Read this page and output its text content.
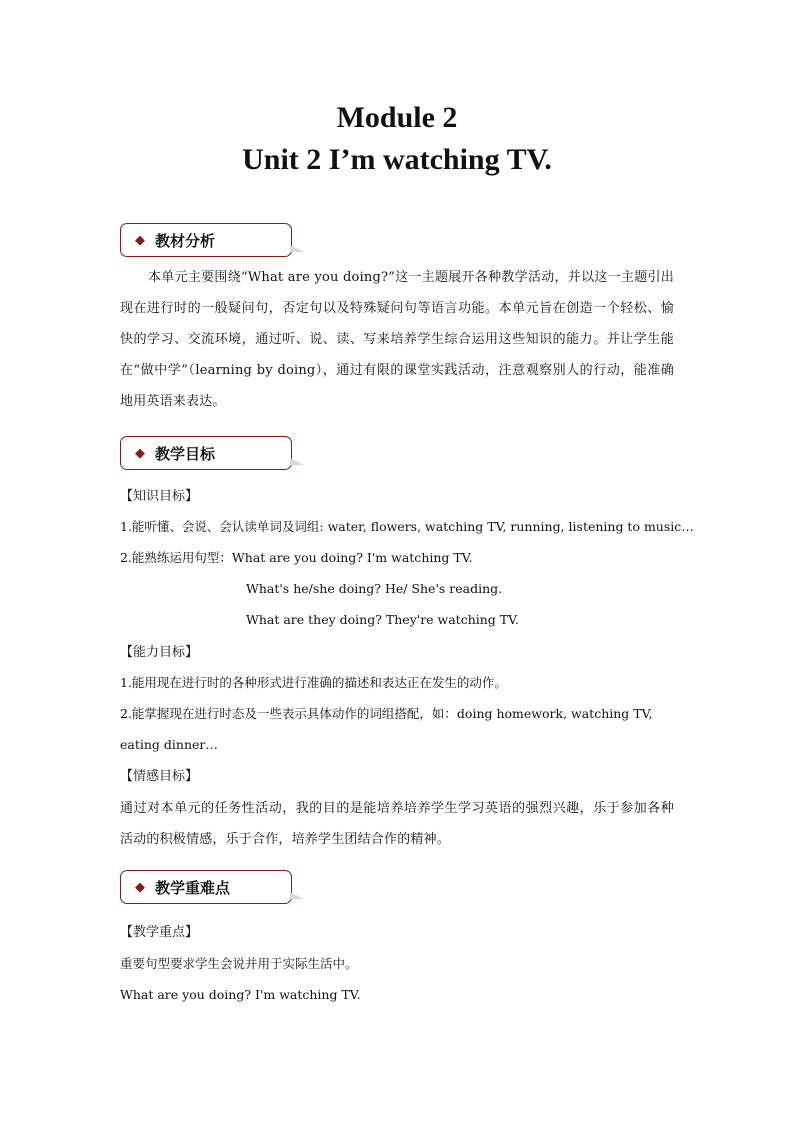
Module 2
Unit 2 I’m watching TV.
◆ 教材分析
本单元主要围绕“What are you doing?”这一主题展开各种教学活动，并以这一主题引出现在进行时的一般疑问句，否定句以及特殊疑问句等语言功能。本单元旨在创造一个轻松、愉快的学习、交流环境，通过听、说、读、写来培养学生综合运用这些知识的能力。并让学生能在“做中学”（learning by doing），通过有限的课堂实践活动，注意观察别人的行动，能准确地用英语来表达。
◆ 教学目标
【知识目标】
1.能听懂、会说、会认读单词及词组: water, flowers, watching TV, running, listening to music…
2.能熟练运用句型：What are you doing? I'm watching TV.
What's he/she doing? He/ She's reading.
What are they doing? They're watching TV.
【能力目标】
1.能用现在进行时的各种形式进行准确的描述和表达正在发生的动作。
2.能掌握现在进行时态及一些表示具体动作的词组搭配，如：doing homework, watching TV,
eating dinner…
【情感目标】
通过对本单元的任务性活动，我的目的是能培养培养学生学习英语的强烈兴趣，乐于参加各种活动的积极情感，乐于合作，培养学生团结合作的精神。
◆ 教学重难点
【教学重点】
重要句型要求学生会说并用于实际生活中。
What are you doing? I'm watching TV.
